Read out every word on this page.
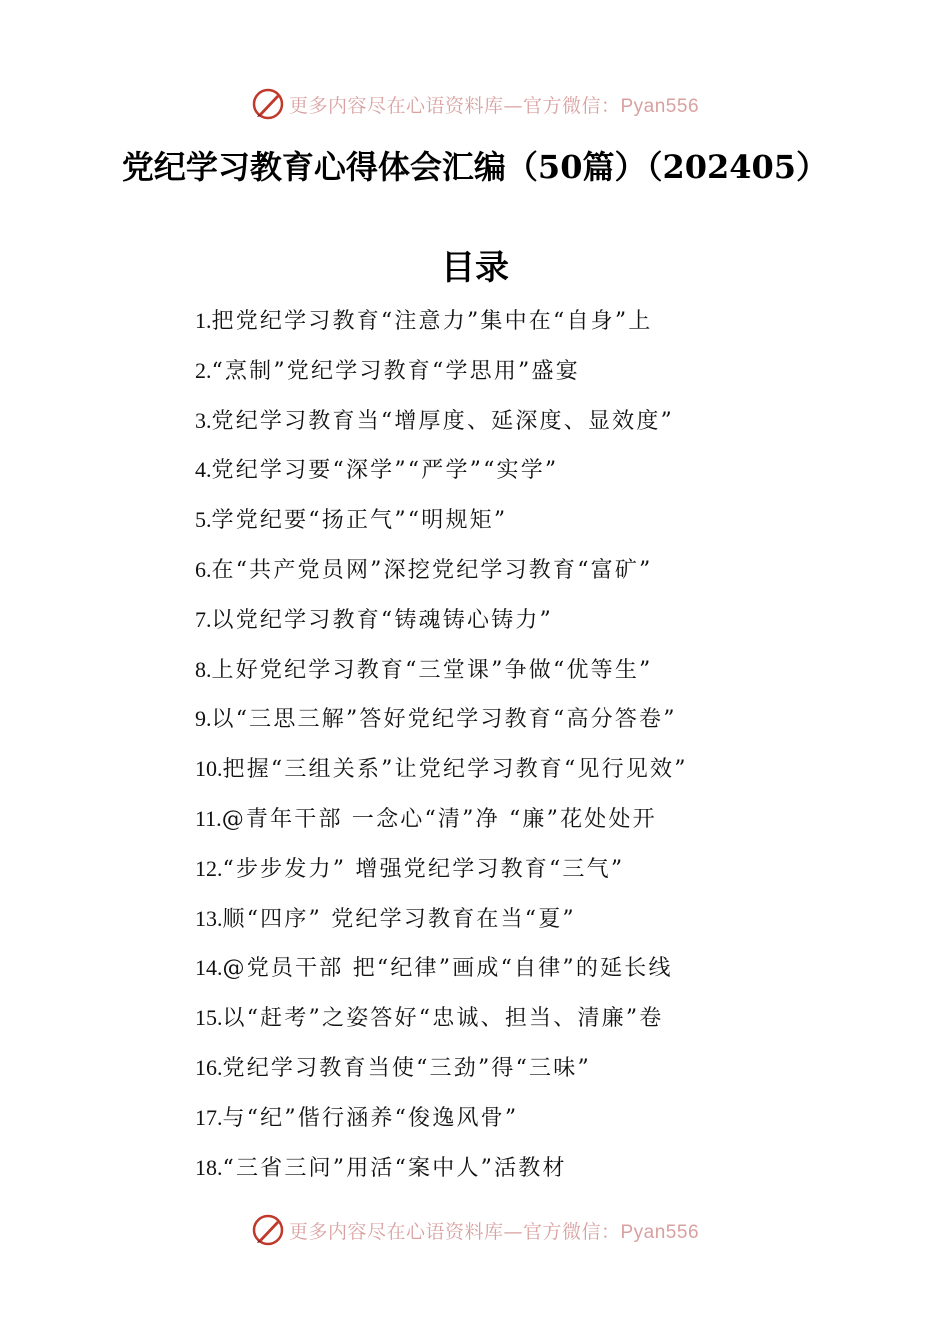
更多内容尽在心语资料库—官方微信：Pyan556
党纪学习教育心得体会汇编（50篇）（202405）
目录
1.把党纪学习教育“注意力”集中在“自身”上
2.“烹制”党纪学习教育“学思用”盛宴
3.党纪学习教育当“增厚度、延深度、显效度”
4.党纪学习要“深学”“严学”“实学”
5.学党纪要“扬正气”“明规矩”
6.在“共产党员网”深挖党纪学习教育“富矿”
7.以党纪学习教育“铸魂铸心铸力”
8.上好党纪学习教育“三堂课”争做“优等生”
9.以“三思三解”答好党纪学习教育“高分答卷”
10.把握“三组关系”让党纪学习教育“见行见效”
11.@青年干部 一念心“清”净 “廉”花处处开
12.“步步发力” 增强党纪学习教育“三气”
13.顺“四序” 党纪学习教育在当“夏”
14.@党员干部 把“纪律”画成“自律”的延长线
15.以“赶考”之姿答好“忠诚、担当、清廉”卷
16.党纪学习教育当使“三劲”得“三味”
17.与“纪”偕行涵养“俊逸风骨”
18.“三省三问”用活“案中人”活教材
更多内容尽在心语资料库—官方微信：Pyan556
